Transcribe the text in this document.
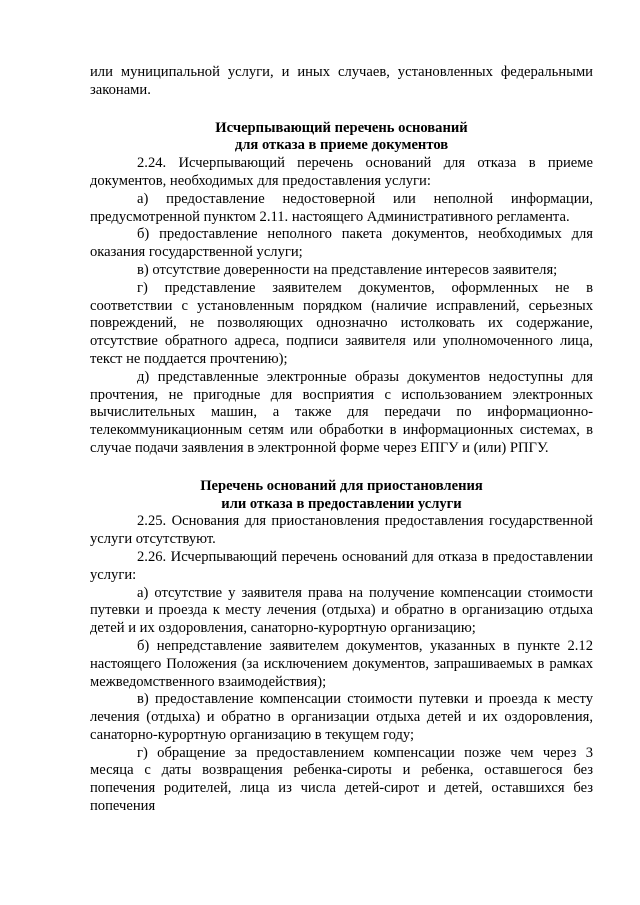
или муниципальной услуги, и иных случаев, установленных федеральными законами.

Исчерпывающий перечень оснований

для отказа в приеме документов

2.24. Исчерпывающий перечень оснований для отказа в приеме документов, необходимых для предоставления услуги:

а) предоставление недостоверной или неполной информации, предусмотренной пунктом 2.11. настоящего Административного регламента.

б) предоставление неполного пакета документов, необходимых для оказания государственной услуги;

в) отсутствие доверенности на представление интересов заявителя;

г) представление заявителем документов, оформленных не в соответствии с установленным порядком (наличие исправлений, серьезных повреждений, не позволяющих однозначно истолковать их содержание, отсутствие обратного адреса, подписи заявителя или уполномоченного лица, текст не поддается прочтению);

д) представленные электронные образы документов недоступны для прочтения, не пригодные для восприятия с использованием электронных вычислительных машин, а также для передачи по информационно-телекоммуникационным сетям или обработки в информационных системах, в случае подачи заявления в электронной форме через ЕПГУ и (или) РПГУ.

Перечень оснований для приостановления

или отказа в предоставлении услуги

2.25. Основания для приостановления предоставления государственной услуги отсутствуют.

2.26. Исчерпывающий перечень оснований для отказа в предоставлении услуги:

а) отсутствие у заявителя права на получение компенсации стоимости путевки и проезда к месту лечения (отдыха) и обратно в организацию отдыха детей и их оздоровления, санаторно-курортную организацию;

б) непредставление заявителем документов, указанных в пункте 2.12 настоящего Положения (за исключением документов, запрашиваемых в рамках межведомственного взаимодействия);

в) предоставление компенсации стоимости путевки и проезда к месту лечения (отдыха) и обратно в организации отдыха детей и их оздоровления, санаторно-курортную организацию в текущем году;

г) обращение за предоставлением компенсации позже чем через 3 месяца с даты возвращения ребенка-сироты и ребенка, оставшегося без попечения родителей, лица из числа детей-сирот и детей, оставшихся без попечения
